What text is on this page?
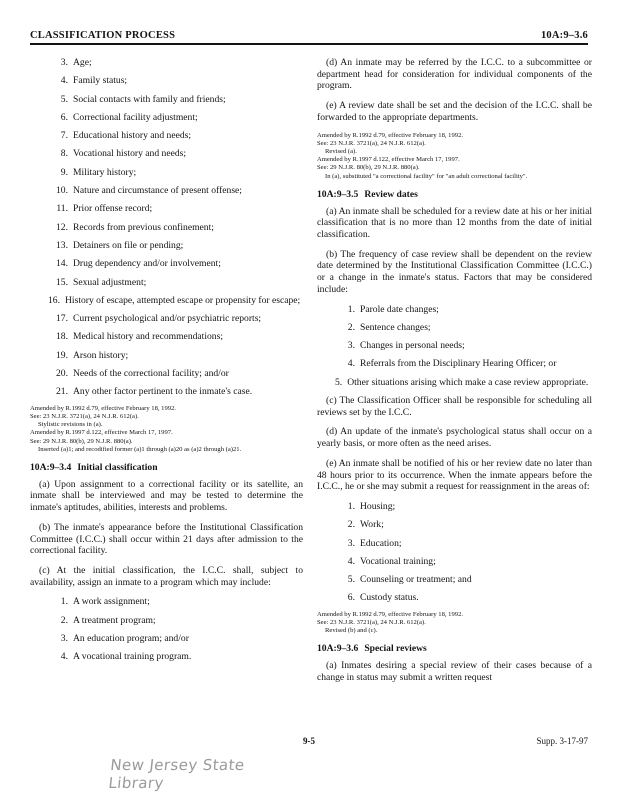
CLASSIFICATION PROCESS	10A:9–3.6
3. Age;
4. Family status;
5. Social contacts with family and friends;
6. Correctional facility adjustment;
7. Educational history and needs;
8. Vocational history and needs;
9. Military history;
10. Nature and circumstance of present offense;
11. Prior offense record;
12. Records from previous confinement;
13. Detainers on file or pending;
14. Drug dependency and/or involvement;
15. Sexual adjustment;
16. History of escape, attempted escape or propensity for escape;
17. Current psychological and/or psychiatric reports;
18. Medical history and recommendations;
19. Arson history;
20. Needs of the correctional facility; and/or
21. Any other factor pertinent to the inmate's case.
Amended by R.1992 d.79, effective February 18, 1992.
See: 23 N.J.R. 3721(a), 24 N.J.R. 612(a).
Stylistic revisions in (a).
Amended by R.1997 d.122, effective March 17, 1997.
See: 29 N.J.R. 80(b), 29 N.J.R. 880(a).
Inserted (a)1; and recodified former (a)1 through (a)20 as (a)2 through (a)21.
10A:9–3.4 Initial classification

(a) Upon assignment to a correctional facility or its satellite, an inmate shall be interviewed and may be tested to determine the inmate's aptitudes, abilities, interests and problems.

(b) The inmate's appearance before the Institutional Classification Committee (I.C.C.) shall occur within 21 days after admission to the correctional facility.

(c) At the initial classification, the I.C.C. shall, subject to availability, assign an inmate to a program which may include:

1. A work assignment;
2. A treatment program;
3. An education program; and/or
4. A vocational training program.

(d) An inmate may be referred by the I.C.C. to a subcommittee or department head for consideration for individual components of the program.

(e) A review date shall be set and the decision of the I.C.C. shall be forwarded to the appropriate departments.

Amended by R.1992 d.79, effective February 18, 1992.
See: 23 N.J.R. 3721(a), 24 N.J.R. 612(a).
Revised (a).
Amended by R.1997 d.122, effective March 17, 1997.
See: 29 N.J.R. 80(b), 29 N.J.R. 880(a).
In (a), substituted "a correctional facility" for "an adult correctional facility".
10A:9–3.5 Review dates

(a) An inmate shall be scheduled for a review date at his or her initial classification that is no more than 12 months from the date of initial classification.

(b) The frequency of case review shall be dependent on the review date determined by the Institutional Classification Committee (I.C.C.) or a change in the inmate's status. Factors that may be considered include:

1. Parole date changes;
2. Sentence changes;
3. Changes in personal needs;
4. Referrals from the Disciplinary Hearing Officer; or
5. Other situations arising which make a case review appropriate.

(c) The Classification Officer shall be responsible for scheduling all reviews set by the I.C.C.

(d) An update of the inmate's psychological status shall occur on a yearly basis, or more often as the need arises.

(e) An inmate shall be notified of his or her review date no later than 48 hours prior to its occurrence. When the inmate appears before the I.C.C., he or she may submit a request for reassignment in the areas of:

1. Housing;
2. Work;
3. Education;
4. Vocational training;
5. Counseling or treatment; and
6. Custody status.
Amended by R.1992 d.79, effective February 18, 1992.
See: 23 N.J.R. 3721(a), 24 N.J.R. 612(a).
Revised (b) and (c).
10A:9–3.6 Special reviews

(a) Inmates desiring a special review of their cases because of a change in status may submit a written request

9-5	Supp. 3-17-97
New Jersey State Library
